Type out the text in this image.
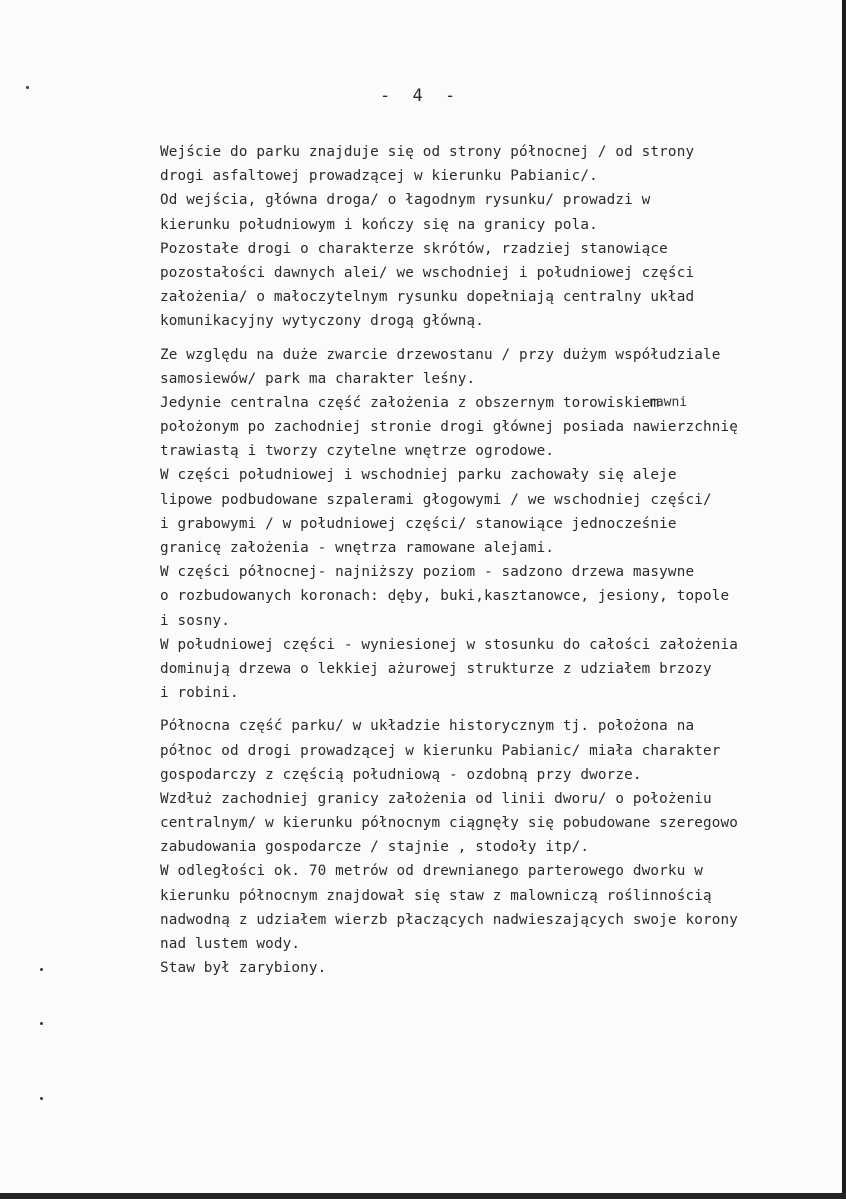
- 4 -
rawni
Wejście do parku znajduje się od strony północnej / od strony
drogi asfaltowej prowadzącej w kierunku Pabianic/.
Od wejścia, główna droga/ o łagodnym rysunku/ prowadzi w
kierunku południowym i kończy się na granicy pola.
Pozostałe drogi o charakterze skrótów, rzadziej stanowiące
pozostałości dawnych alei/ we wschodniej i południowej części
założenia/ o małoczytelnym rysunku dopełniają centralny układ
komunikacyjny wytyczony drogą główną.
Ze względu na duże zwarcie drzewostanu / przy dużym współudziale
samosiewów/ park ma charakter leśny.
Jedynie centralna część założenia z obszernym torowiskiem
położonym po zachodniej stronie drogi głównej posiada nawierzchnię
trawiastą i tworzy czytelne wnętrze ogrodowe.
W części południowej i wschodniej parku zachowały się aleje
lipowe podbudowane szpalerami głogowymi / we wschodniej części/
i grabowymi / w południowej części/ stanowiące jednocześnie
granicę założenia - wnętrza ramowane alejami.
W części północnej- najniższy poziom - sadzono drzewa masywne
o rozbudowanych koronach: dęby, buki,kasztanowce, jesiony, topole
i sosny.
W południowej części - wyniesionej w stosunku do całości założenia
dominują drzewa o lekkiej ażurowej strukturze z udziałem brzozy
i robini.
Północna część parku/ w układzie historycznym tj. położona na
północ od drogi prowadzącej w kierunku Pabianic/ miała charakter
gospodarczy z częścią południową - ozdobną przy dworze.
Wzdłuż zachodniej granicy założenia od linii dworu/ o położeniu
centralnym/ w kierunku północnym ciągnęły się pobudowane szeregowo
zabudowania gospodarcze / stajnie , stodoły itp/.
W odległości ok. 70 metrów od drewnianego parterowego dworku w
kierunku północnym znajdował się staw z malowniczą roślinnością
nadwodną z udziałem wierzb płaczących nadwieszających swoje korony
nad lustem wody.
Staw był zarybiony.
